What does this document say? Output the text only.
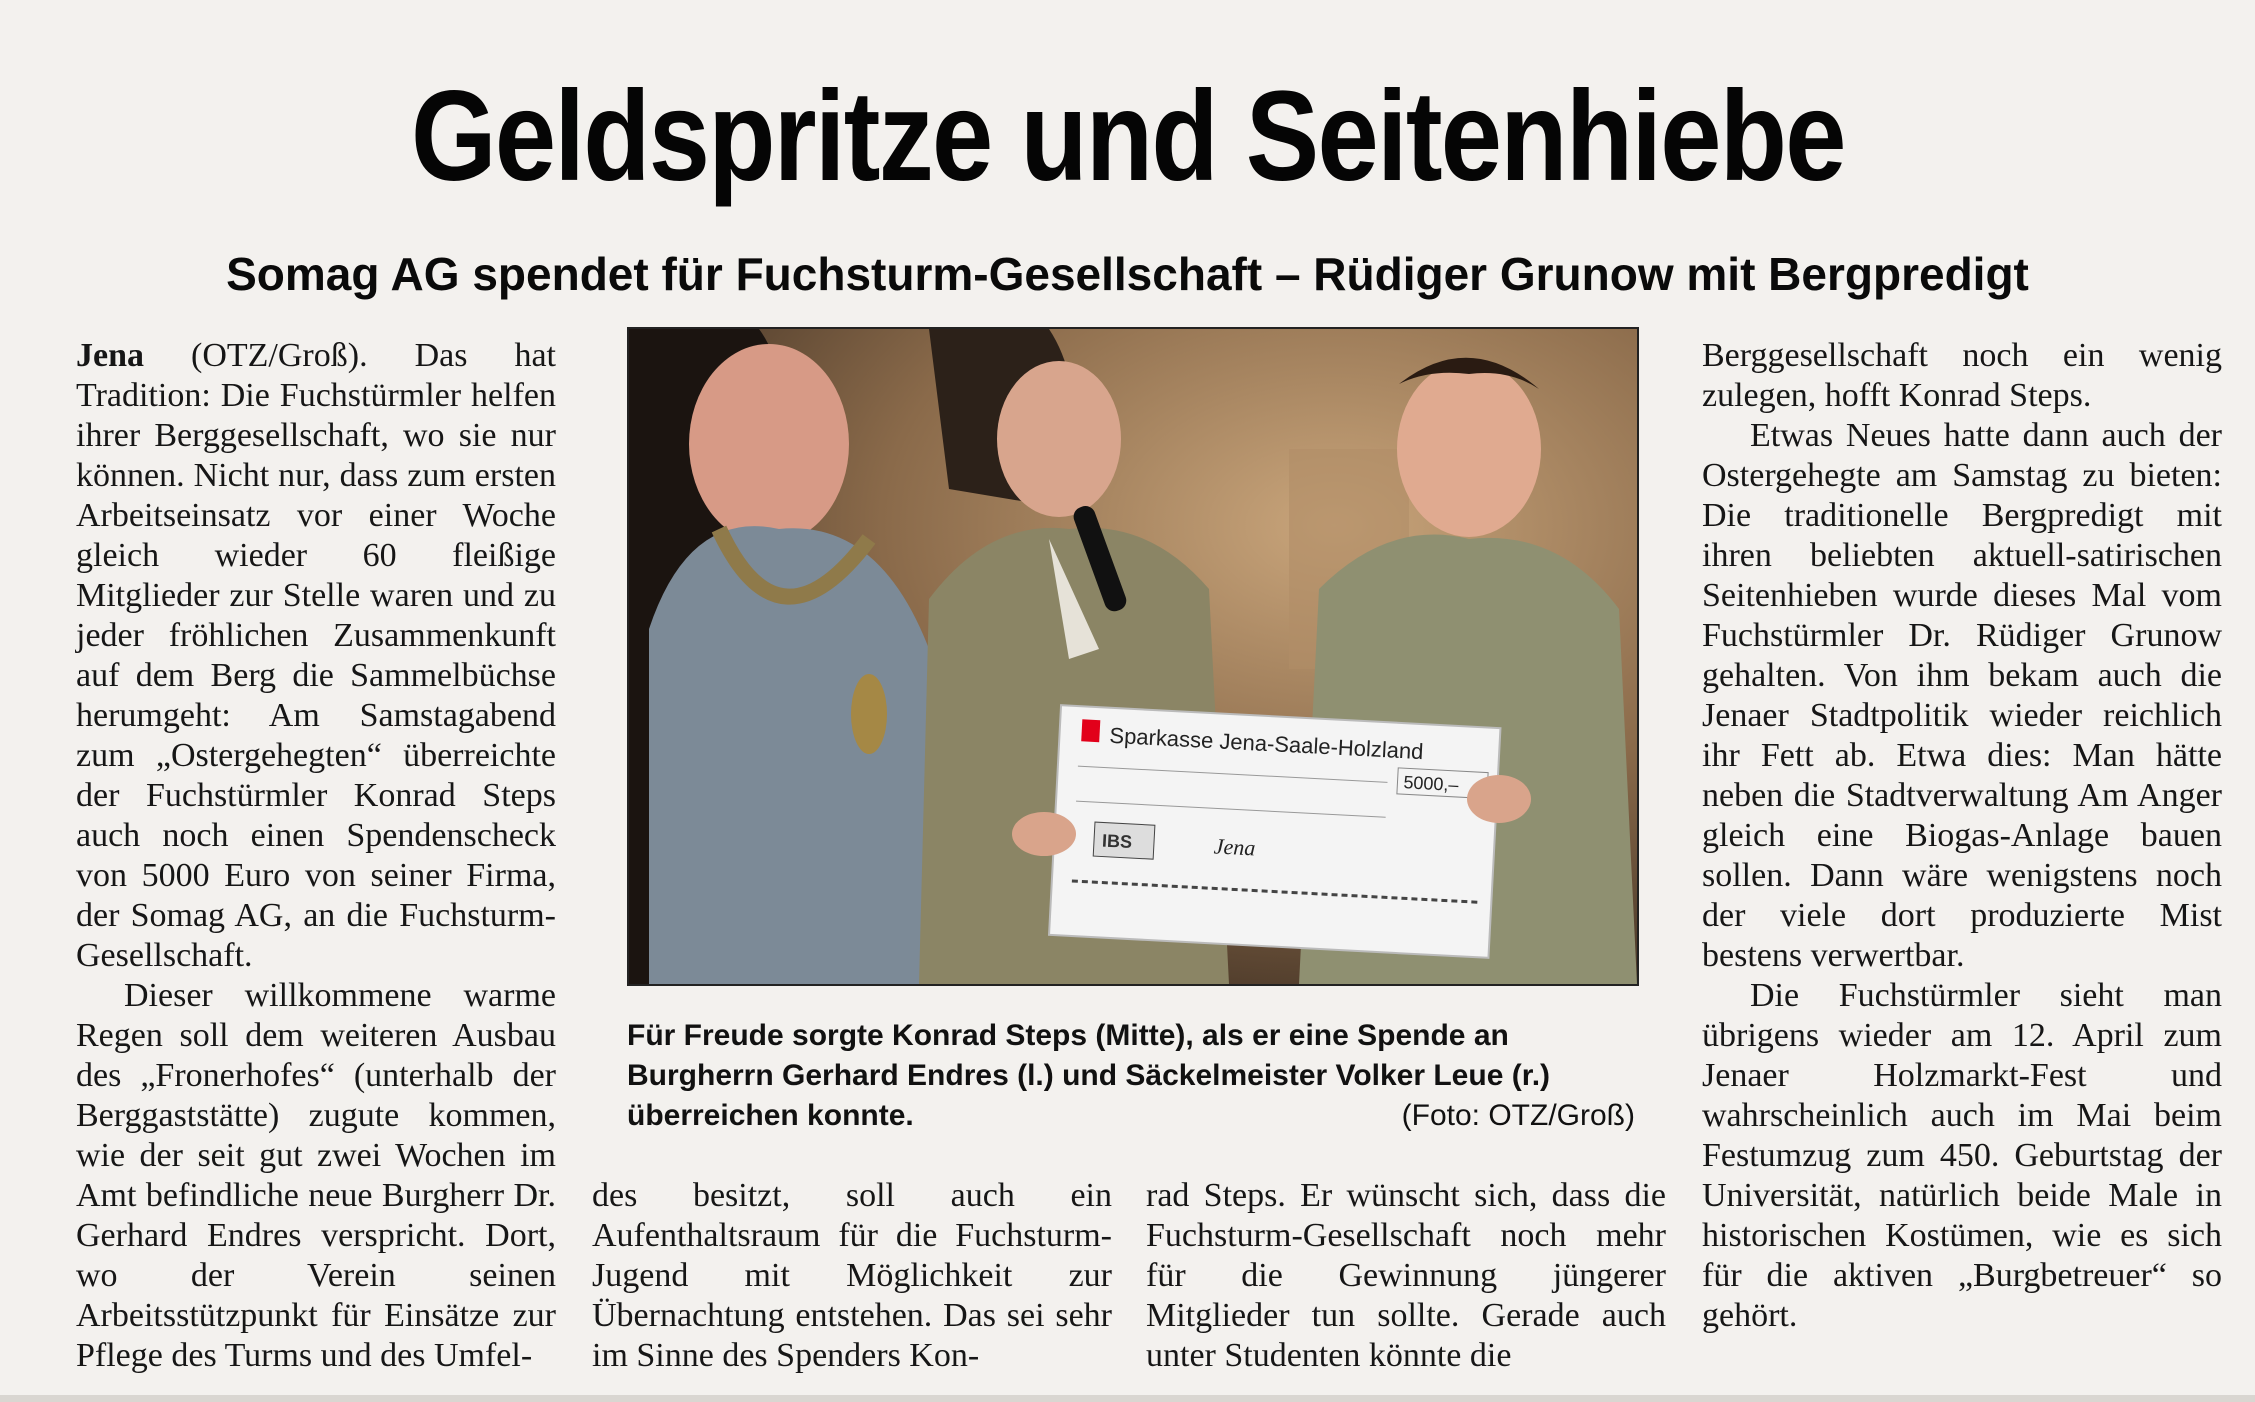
Geldspritze und Seitenhiebe
Somag AG spendet für Fuchsturm-Gesellschaft – Rüdiger Grunow mit Bergpredigt

Jena (OTZ/Groß). Das hat Tradition: Die Fuchstürmler helfen ihrer Berggesellschaft, wo sie nur können. Nicht nur, dass zum ersten Arbeitseinsatz vor einer Woche gleich wieder 60 fleißige Mitglieder zur Stelle waren und zu jeder fröhlichen Zusammenkunft auf dem Berg die Sammelbüchse herumgeht: Am Samstagabend zum „Ostergehegten“ überreichte der Fuchstürmler Konrad Steps auch noch einen Spendenscheck von 5000 Euro von seiner Firma, der Somag AG, an die Fuchsturm-Gesellschaft.

Dieser willkommene warme Regen soll dem weiteren Ausbau des „Fronerhofes“ (unterhalb der Berggaststätte) zugute kommen, wie der seit gut zwei Wochen im Amt befindliche neue Burgherr Dr. Gerhard Endres verspricht. Dort, wo der Verein seinen Arbeitsstützpunkt für Einsätze zur Pflege des Turms und des Umfel-

Sparkasse Jena-Saale-Holzland
5000,–
IBS	Jena
Für Freude sorgte Konrad Steps (Mitte), als er eine Spende an Burgherrn Gerhard Endres (l.) und Säckelmeister Volker Leue (r.) überreichen konnte.	(Foto: OTZ/Groß)

des besitzt, soll auch ein Aufenthaltsraum für die Fuchsturm-Jugend mit Möglichkeit zur Übernachtung entstehen. Das sei sehr im Sinne des Spenders Kon-

rad Steps. Er wünscht sich, dass die Fuchsturm-Gesellschaft noch mehr für die Gewinnung jüngerer Mitglieder tun sollte. Gerade auch unter Studenten könnte die

Berggesellschaft noch ein wenig zulegen, hofft Konrad Steps.

Etwas Neues hatte dann auch der Ostergehegte am Samstag zu bieten: Die traditionelle Bergpredigt mit ihren beliebten aktuell-satirischen Seitenhieben wurde dieses Mal vom Fuchstürmler Dr. Rüdiger Grunow gehalten. Von ihm bekam auch die Jenaer Stadtpolitik wieder reichlich ihr Fett ab. Etwa dies: Man hätte neben die Stadtverwaltung Am Anger gleich eine Biogas-Anlage bauen sollen. Dann wäre wenigstens noch der viele dort produzierte Mist bestens verwertbar.

Die Fuchstürmler sieht man übrigens wieder am 12. April zum Jenaer Holzmarkt-Fest und wahrscheinlich auch im Mai beim Festumzug zum 450. Geburtstag der Universität, natürlich beide Male in historischen Kostümen, wie es sich für die aktiven „Burgbetreuer“ so gehört.
